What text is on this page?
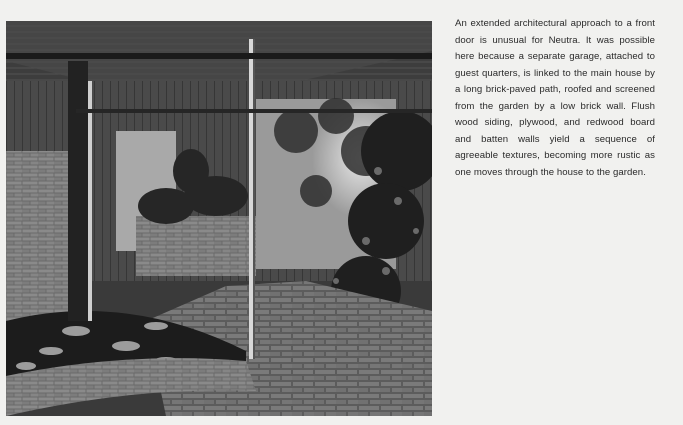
An extended architectural approach to a front door is unusual for Neutra. It was possible here because a separate garage, attached to guest quarters, is linked to the main house by a long brick-paved path, roofed and screened from the garden by a low brick wall. Flush wood siding, plywood, and redwood board and batten walls yield a sequence of agreeable textures, becoming more rustic as one moves through the house to the garden.
